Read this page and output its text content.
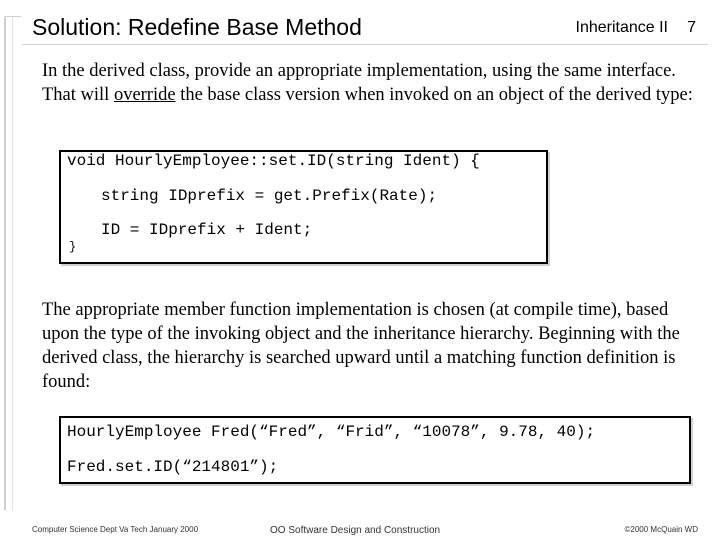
Solution: Redefine Base Method	Inheritance II 7
In the derived class, provide an appropriate implementation, using the same interface. That will override the base class version when invoked on an object of the derived type:
void HourlyEmployee::set.ID(string Ident) {
string IDprefix = get.Prefix(Rate);
ID = IDprefix + Ident;
}
The appropriate member function implementation is chosen (at compile time), based upon the type of the invoking object and the inheritance hierarchy. Beginning with the derived class, the hierarchy is searched upward until a matching function definition is found:
HourlyEmployee Fred(“Fred”, “Frid”, “10078”, 9.78, 40);
Fred.set.ID(“214801”);
Computer Science Dept Va Tech January 2000	OO Software Design and Construction	©2000 McQuain WD
